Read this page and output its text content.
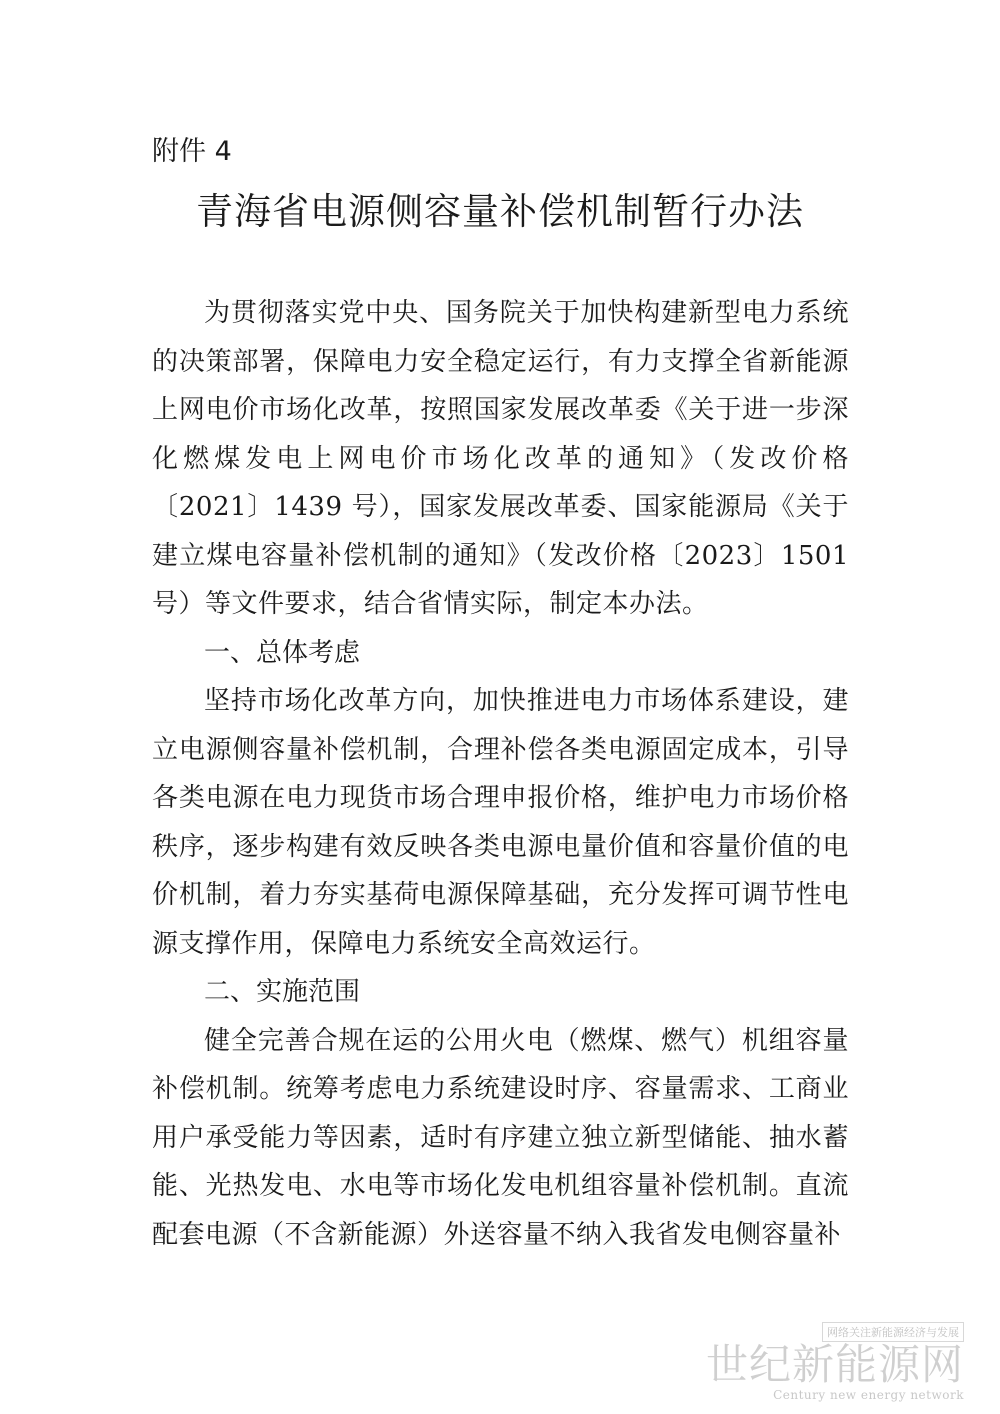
附件 4
青海省电源侧容量补偿机制暂行办法

为贯彻落实党中央、国务院关于加快构建新型电力系统的决策部署，保障电力安全稳定运行，有力支撑全省新能源上网电价市场化改革，按照国家发展改革委《关于进一步深化燃煤发电上网电价市场化改革的通知》（发改价格〔2021〕1439 号），国家发展改革委、国家能源局《关于建立煤电容量补偿机制的通知》（发改价格〔2023〕1501 号）等文件要求，结合省情实际，制定本办法。

一、总体考虑

坚持市场化改革方向，加快推进电力市场体系建设，建立电源侧容量补偿机制，合理补偿各类电源固定成本，引导各类电源在电力现货市场合理申报价格，维护电力市场价格秩序，逐步构建有效反映各类电源电量价值和容量价值的电价机制，着力夯实基荷电源保障基础，充分发挥可调节性电源支撑作用，保障电力系统安全高效运行。

二、实施范围

健全完善合规在运的公用火电（燃煤、燃气）机组容量补偿机制。统筹考虑电力系统建设时序、容量需求、工商业用户承受能力等因素，适时有序建立独立新型储能、抽水蓄能、光热发电、水电等市场化发电机组容量补偿机制。直流配套电源（不含新能源）外送容量不纳入我省发电侧容量补

网络关注新能源经济与发展
世纪新能源网
Century new energy network
